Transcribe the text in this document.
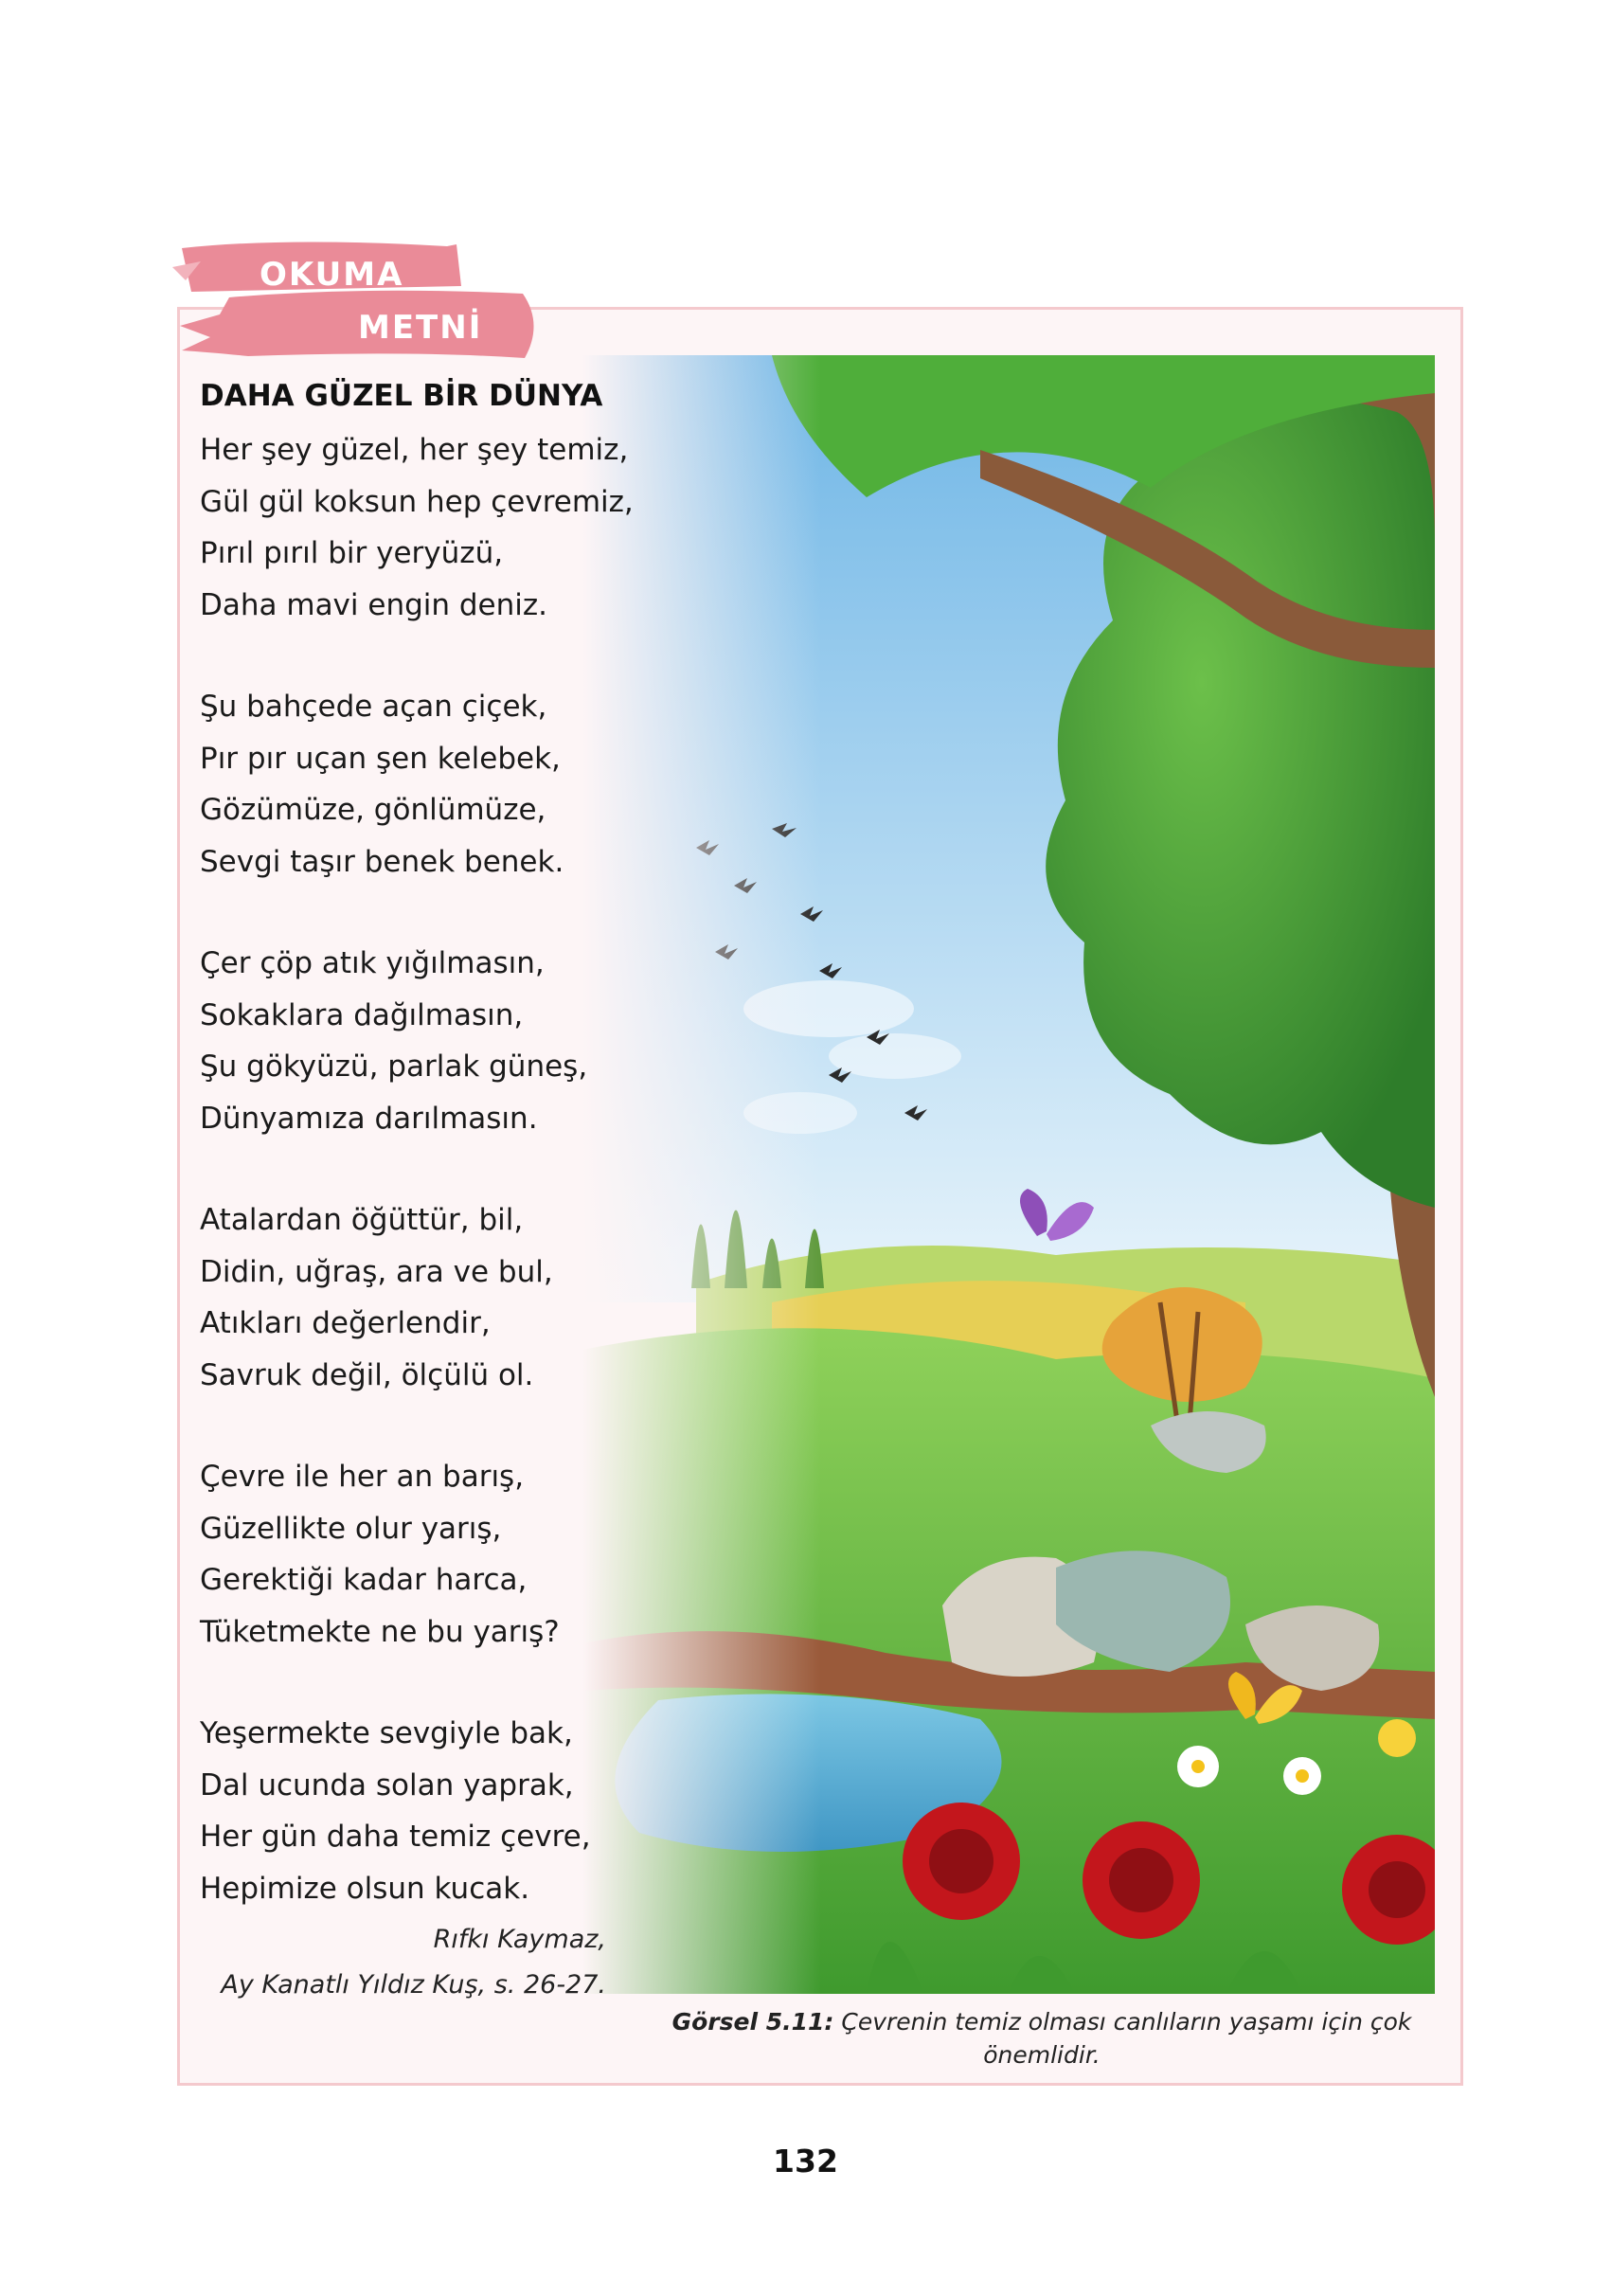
OKUMA
METNİ
DAHA GÜZEL BİR DÜNYA
Her şey güzel, her şey temiz,
Gül gül koksun hep çevremiz,
Pırıl pırıl bir yeryüzü,
Daha mavi engin deniz.
Şu bahçede açan çiçek,
Pır pır uçan şen kelebek,
Gözümüze, gönlümüze,
Sevgi taşır benek benek.
Çer çöp atık yığılmasın,
Sokaklara dağılmasın,
Şu gökyüzü, parlak güneş,
Dünyamıza darılmasın.
Atalardan öğüttür, bil,
Didin, uğraş, ara ve bul,
Atıkları değerlendir,
Savruk değil, ölçülü ol.
Çevre ile her an barış,
Güzellikte olur yarış,
Gerektiği kadar harca,
Tüketmekte ne bu yarış?
Yeşermekte sevgiyle bak,
Dal ucunda solan yaprak,
Her gün daha temiz çevre,
Hepimize olsun kucak.
Rıfkı Kaymaz,
Ay Kanatlı Yıldız Kuş, s. 26-27.
Görsel 5.11: Çevrenin temiz olması canlıların yaşamı için çok önemlidir.
132
